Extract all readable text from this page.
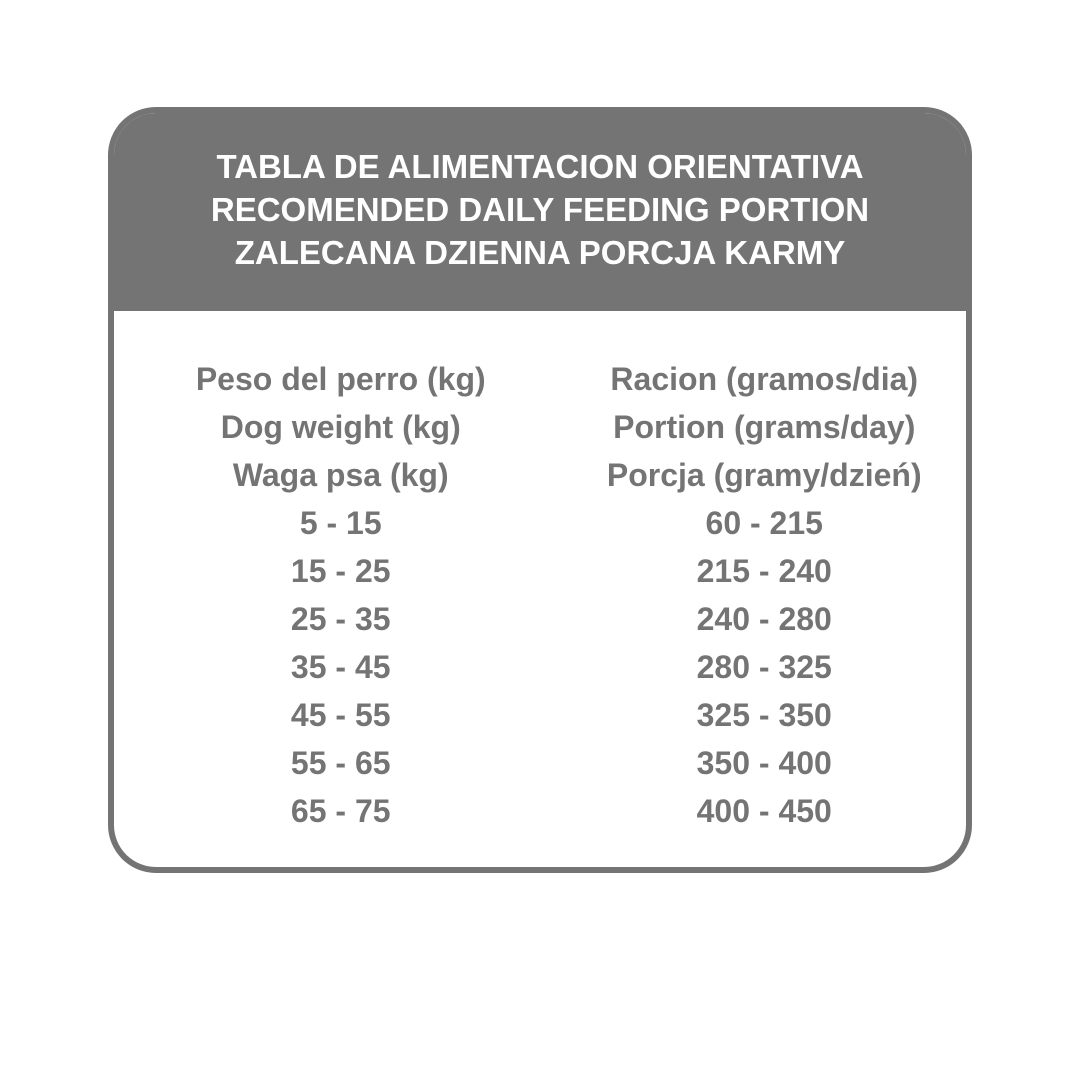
TABLA DE ALIMENTACION ORIENTATIVA
RECOMENDED DAILY FEEDING PORTION
ZALECANA DZIENNA PORCJA KARMY
Peso del perro (kg)	Racion (gramos/dia)
Dog weight (kg)	Portion (grams/day)
Waga psa (kg)	Porcja (gramy/dzień)
5 - 15	60 - 215
15 - 25	215 - 240
25 - 35	240 - 280
35 - 45	280 - 325
45 - 55	325 - 350
55 - 65	350 - 400
65 - 75	400 - 450
